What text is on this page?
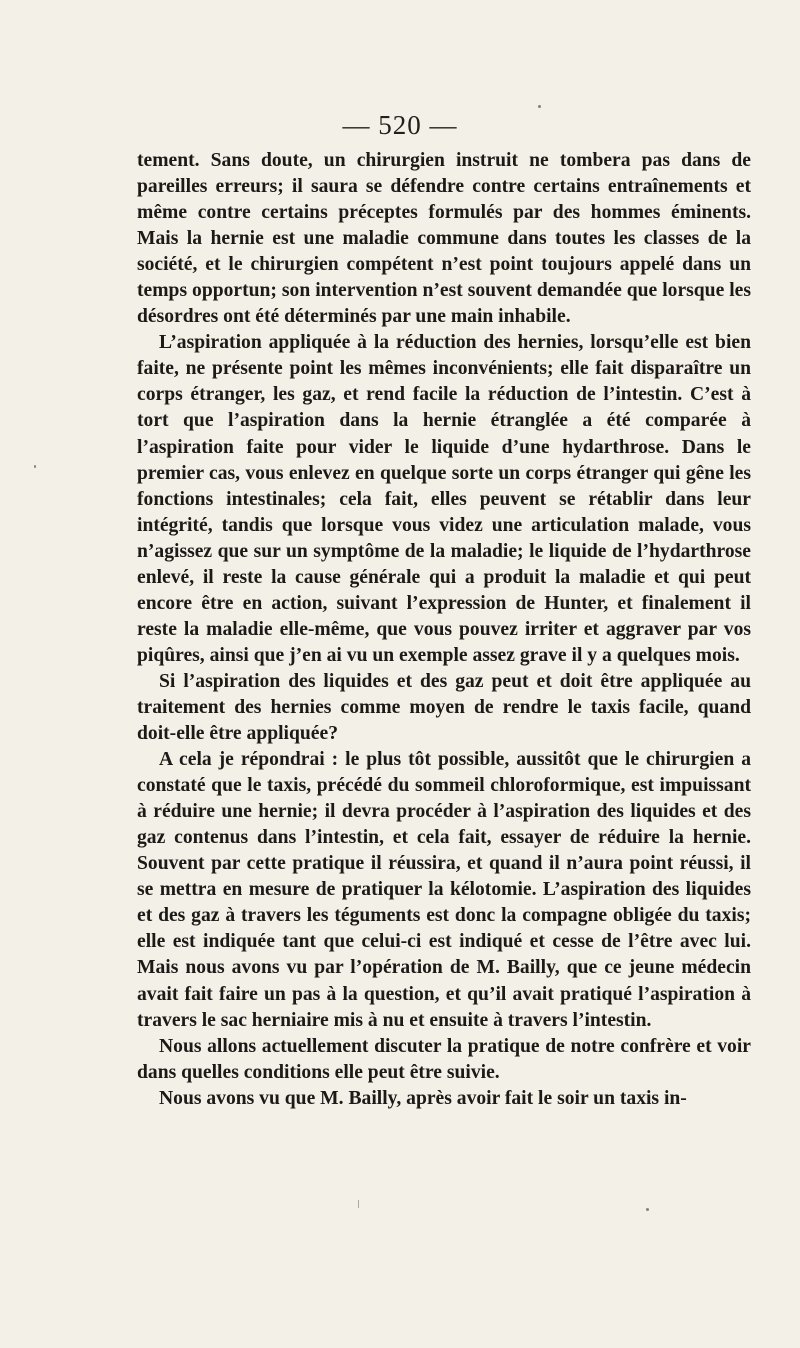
— 520 —

tement. Sans doute, un chirurgien instruit ne tombera pas dans de pareilles erreurs; il saura se défendre contre certains entraînements et même contre certains préceptes formulés par des hommes éminents. Mais la hernie est une maladie commune dans toutes les classes de la société, et le chirurgien compétent n’est point toujours appelé dans un temps opportun; son intervention n’est souvent demandée que lorsque les désordres ont été déterminés par une main inhabile.

L’aspiration appliquée à la réduction des hernies, lorsqu’elle est bien faite, ne présente point les mêmes inconvénients; elle fait disparaître un corps étranger, les gaz, et rend facile la réduction de l’intestin. C’est à tort que l’aspiration dans la hernie étranglée a été comparée à l’aspiration faite pour vider le liquide d’une hydarthrose. Dans le premier cas, vous enlevez en quelque sorte un corps étranger qui gêne les fonctions intestinales; cela fait, elles peuvent se rétablir dans leur intégrité, tandis que lorsque vous videz une articulation malade, vous n’agissez que sur un symptôme de la maladie; le liquide de l’hydarthrose enlevé, il reste la cause générale qui a produit la maladie et qui peut encore être en action, suivant l’expression de Hunter, et finalement il reste la maladie elle-même, que vous pouvez irriter et aggraver par vos piqûres, ainsi que j’en ai vu un exemple assez grave il y a quelques mois.

Si l’aspiration des liquides et des gaz peut et doit être appliquée au traitement des hernies comme moyen de rendre le taxis facile, quand doit-elle être appliquée?

A cela je répondrai : le plus tôt possible, aussitôt que le chirurgien a constaté que le taxis, précédé du sommeil chloroformique, est impuissant à réduire une hernie; il devra procéder à l’aspiration des liquides et des gaz contenus dans l’intestin, et cela fait, essayer de réduire la hernie. Souvent par cette pratique il réussira, et quand il n’aura point réussi, il se mettra en mesure de pratiquer la kélotomie. L’aspiration des liquides et des gaz à travers les téguments est donc la compagne obligée du taxis; elle est indiquée tant que celui-ci est indiqué et cesse de l’être avec lui. Mais nous avons vu par l’opération de M. Bailly, que ce jeune médecin avait fait faire un pas à la question, et qu’il avait pratiqué l’aspiration à travers le sac herniaire mis à nu et ensuite à travers l’intestin.

Nous allons actuellement discuter la pratique de notre confrère et voir dans quelles conditions elle peut être suivie.

Nous avons vu que M. Bailly, après avoir fait le soir un taxis in-
